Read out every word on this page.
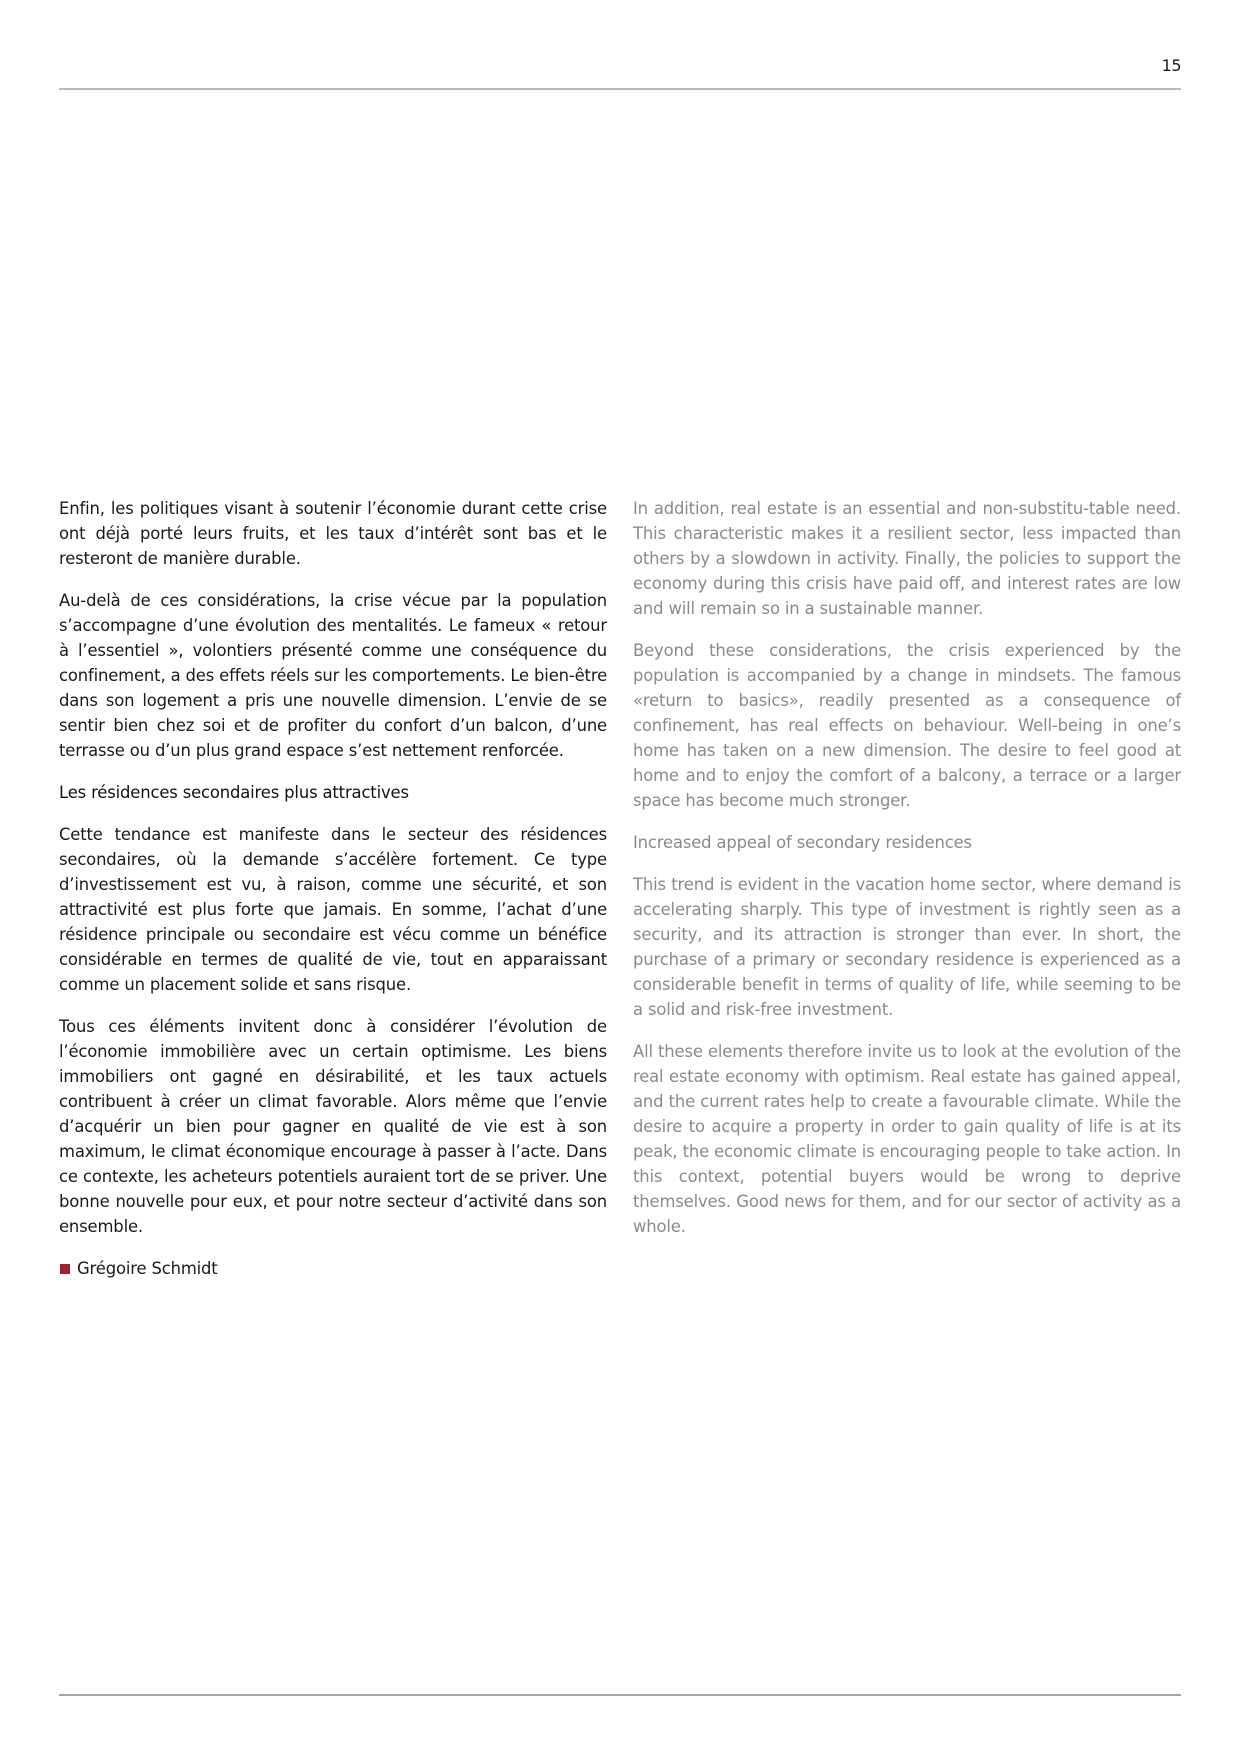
15

Enfin, les politiques visant à soutenir l’économie durant cette crise ont déjà porté leurs fruits, et les taux d’intérêt sont bas et le resteront de manière durable.

Au-delà de ces considérations, la crise vécue par la population s’accompagne d’une évolution des mentalités. Le fameux « retour à l’essentiel », volontiers présenté comme une conséquence du confinement, a des effets réels sur les comportements. Le bien-être dans son logement a pris une nouvelle dimension. L’envie de se sentir bien chez soi et de profiter du confort d’un balcon, d’une terrasse ou d’un plus grand espace s’est nettement renforcée.

Les résidences secondaires plus attractives

Cette tendance est manifeste dans le secteur des résidences secondaires, où la demande s’accélère fortement. Ce type d’investissement est vu, à raison, comme une sécurité, et son attractivité est plus forte que jamais. En somme, l’achat d’une résidence principale ou secondaire est vécu comme un bénéfice considérable en termes de qualité de vie, tout en apparaissant comme un placement solide et sans risque.

Tous ces éléments invitent donc à considérer l’évolution de l’économie immobilière avec un certain optimisme. Les biens immobiliers ont gagné en désirabilité, et les taux actuels contribuent à créer un climat favorable. Alors même que l’envie d’acquérir un bien pour gagner en qualité de vie est à son maximum, le climat économique encourage à passer à l’acte. Dans ce contexte, les acheteurs potentiels auraient tort de se priver. Une bonne nouvelle pour eux, et pour notre secteur d’activité dans son ensemble.

Grégoire Schmidt

In addition, real estate is an essential and non-substitu-table need. This characteristic makes it a resilient sector, less impacted than others by a slowdown in activity. Finally, the policies to support the economy during this crisis have paid off, and interest rates are low and will remain so in a sustainable manner.

Beyond these considerations, the crisis experienced by the population is accompanied by a change in mindsets. The famous «return to basics», readily presented as a consequence of confinement, has real effects on behaviour. Well-being in one’s home has taken on a new dimension. The desire to feel good at home and to enjoy the comfort of a balcony, a terrace or a larger space has become much stronger.

Increased appeal of secondary residences

This trend is evident in the vacation home sector, where demand is accelerating sharply. This type of investment is rightly seen as a security, and its attraction is stronger than ever. In short, the purchase of a primary or secondary residence is experienced as a considerable benefit in terms of quality of life, while seeming to be a solid and risk-free investment.

All these elements therefore invite us to look at the evolution of the real estate economy with optimism. Real estate has gained appeal, and the current rates help to create a favourable climate. While the desire to acquire a property in order to gain quality of life is at its peak, the economic climate is encouraging people to take action. In this context, potential buyers would be wrong to deprive themselves. Good news for them, and for our sector of activity as a whole.
